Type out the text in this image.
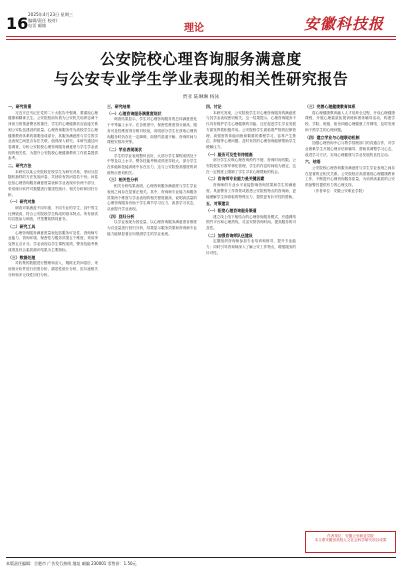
16 2025年4月23日 星期三
编辑/责任 校对/
电话 邮箱	理论	安徽科技报
公安院校心理咨询服务满意度
与公安专业学生学业表现的相关性研究报告
贾亚 陆琳琳 杨泳
一、研究背景

习近平总书记在党的二十大报告中强调，要重视心理健康和精神卫生。公安院校肩负着为公安机关培养忠诚干净担当的预备警官的重任，学生的心理健康状况直接关系到公安队伍建设的质量。心理咨询服务作为高校学生心理健康教育体系的重要组成部分，其服务满意度与学生的学业表现之间是否存在关联，值得深入研究。本研究通过问卷调查，分析公安院校心理咨询服务满意度与学生学业表现的相关性，为提升公安院校心理健康教育工作质量提供参考。

二、研究方法

本研究以某公安院校在校学生为研究对象，采用分层随机抽样的方法发放问卷，共回收有效问卷若干份。问卷包括心理咨询服务满意度量表和学业表现评价两个部分，采用统计软件对数据进行描述性统计、相关分析和回归分析。

（一）研究对象

调查对象涵盖不同年级、不同专业的学生，其中男生比例较高，符合公安院校学生构成的基本特点。所有被试均自愿参与调查，并签署知情同意书。

（二）研究工具

心理咨询服务满意度量表包括服务可及性、咨询师专业能力、咨询环境、保密性与服务效果五个维度，采用李克特五点计分。学业表现以学生课程成绩、警务技能考核成绩及综合素质测评结果为主要指标。

（三）数据处理

对收集的数据进行整理和录入，剔除无效问卷后，采用统计软件进行信度分析、描述性统计分析、皮尔逊相关分析和多元线性回归分析。

三、研究结果
（一）心理咨询服务满意度现状

调查结果显示，学生对心理咨询服务的总体满意度处于中等偏上水平。在各维度中，保密性维度得分最高，服务可及性维度得分相对较低，说明部分学生在获取心理咨询服务时仍存在一定障碍，如预约渠道不畅、咨询时间与课程安排冲突等。

（二）学业表现现状

学生的学业表现整体良好，大部分学生课程成绩处于中等及以上水平。警务技能考核成绩差异较大，部分学生在体能和技能训练中存在压力，这与公安院校高强度的训练特点密切相关。

（三）相关性分析

相关分析结果表明，心理咨询服务满意度与学生学业表现之间存在显著正相关。其中，咨询师专业能力和服务效果两个维度与学业表现的相关程度最高，说明高质量的心理咨询服务有助于学生调节学习压力，改善学习状态，从而提升学业表现。

（四）回归分析

以学业表现为因变量，以心理咨询服务满意度各维度为自变量进行回归分析，结果显示服务效果和咨询师专业能力能够显著正向预测学生的学业表现。

四、讨论

本研究发现，公安院校学生对心理咨询服务的满意度与其学业表现密切相关。这一结果提示，心理咨询服务不仅具有维护学生心理健康的功能，还在促进学生学业发展方面发挥着积极作用。公安院校学生面临着严格的纪律管理、高强度的体能训练和繁重的课程学习，容易产生焦虑、抑郁等心理问题，及时有效的心理咨询能够帮助学生缓解压力。

（一）服务可及性有待提高

部分学生反映心理咨询预约不便，咨询时间有限。公安院校实行准军事化管理，学生的作息时间较为固定，这在一定程度上限制了学生寻求心理帮助的机会。

（二）咨询师专业能力是关键因素

咨询师的专业水平直接影响咨询效果和学生的满意度。具备警务工作背景或熟悉公安院校特点的咨询师，更能理解学生所面临的特殊压力，提供更有针对性的帮助。

五、对策建议
（一）拓宽心理咨询服务渠道

建立线上线下相结合的心理咨询服务模式，开通网络预约平台和心理热线，灵活安排咨询时间，提高服务的可及性。

（二）加强咨询师队伍建设

定期组织咨询师参加专业培训和督导，提升专业能力；同时引导咨询师深入了解公安工作特点，增强服务的针对性。

（三）完善心理健康教育体系

将心理健康教育融入人才培养全过程，开设心理健康课程，开展心理素质拓展训练和团体辅导活动，构建学校、学院、班级、宿舍四级心理健康工作网络，及时发现和干预学生的心理问题。

（四）建立学业与心理联动机制

加强心理咨询中心与教学管理部门的沟通合作，对学业困难学生开展心理评估和辅导，帮助其调整学习心态，改进学习方法，实现心理健康与学业发展的良性互动。

六、结语

公安院校心理咨询服务满意度与学生学业表现之间存在显著的正相关关系。公安院校应高度重视心理健康教育工作，不断提升心理咨询服务质量，为培养高素质的公安预备警官提供有力的心理支持。

（作者单位：安徽公安职业学院）

作者单位：安徽公安职业学院
本文系安徽省高校人文社会科学研究项目成果
本版责任编辑：合肥市 广告发行热线 地址 邮编 230001 零售价：1.50元
